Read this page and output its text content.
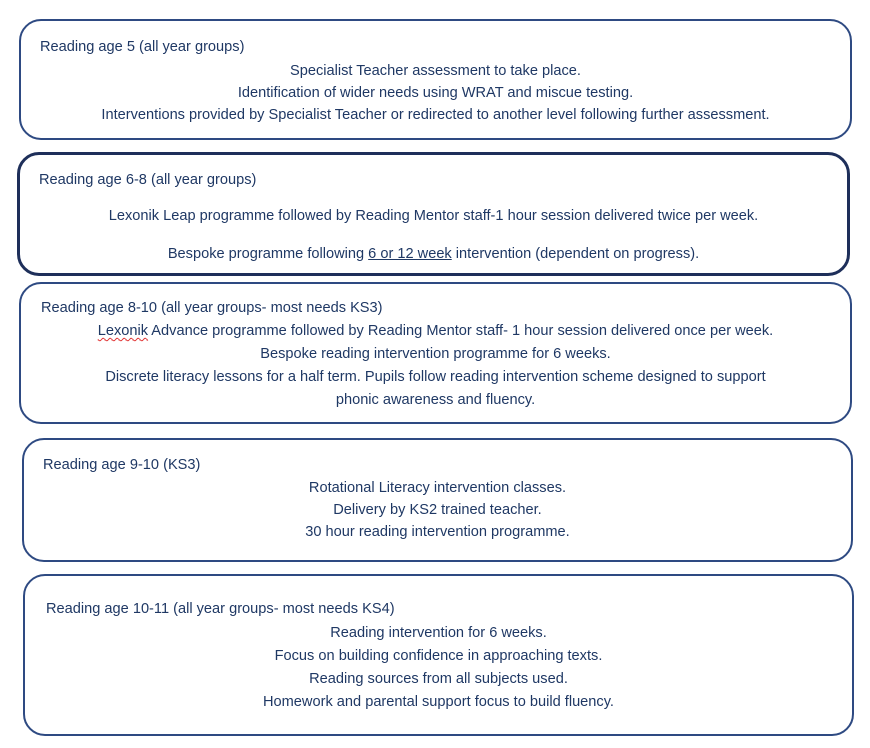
Reading age 5 (all year groups)
Specialist Teacher assessment to take place.
Identification of wider needs using WRAT and miscue testing.
Interventions provided by Specialist Teacher or redirected to another level following further assessment.
Reading age 6-8 (all year groups)
Lexonik Leap programme followed by Reading Mentor staff-1 hour session delivered twice per week.
Bespoke programme following 6 or 12 week intervention (dependent on progress).
Reading age 8-10 (all year groups- most needs KS3)
Lexonik Advance programme followed by Reading Mentor staff- 1 hour session delivered once per week.
Bespoke reading intervention programme for 6 weeks.
Discrete literacy lessons for a half term. Pupils follow reading intervention scheme designed to support
phonic awareness and fluency.
Reading age 9-10 (KS3)
Rotational Literacy intervention classes.
Delivery by KS2 trained teacher.
30 hour reading intervention programme.
Reading age 10-11 (all year groups- most needs KS4)
Reading intervention for 6 weeks.
Focus on building confidence in approaching texts.
Reading sources from all subjects used.
Homework and parental support focus to build fluency.
